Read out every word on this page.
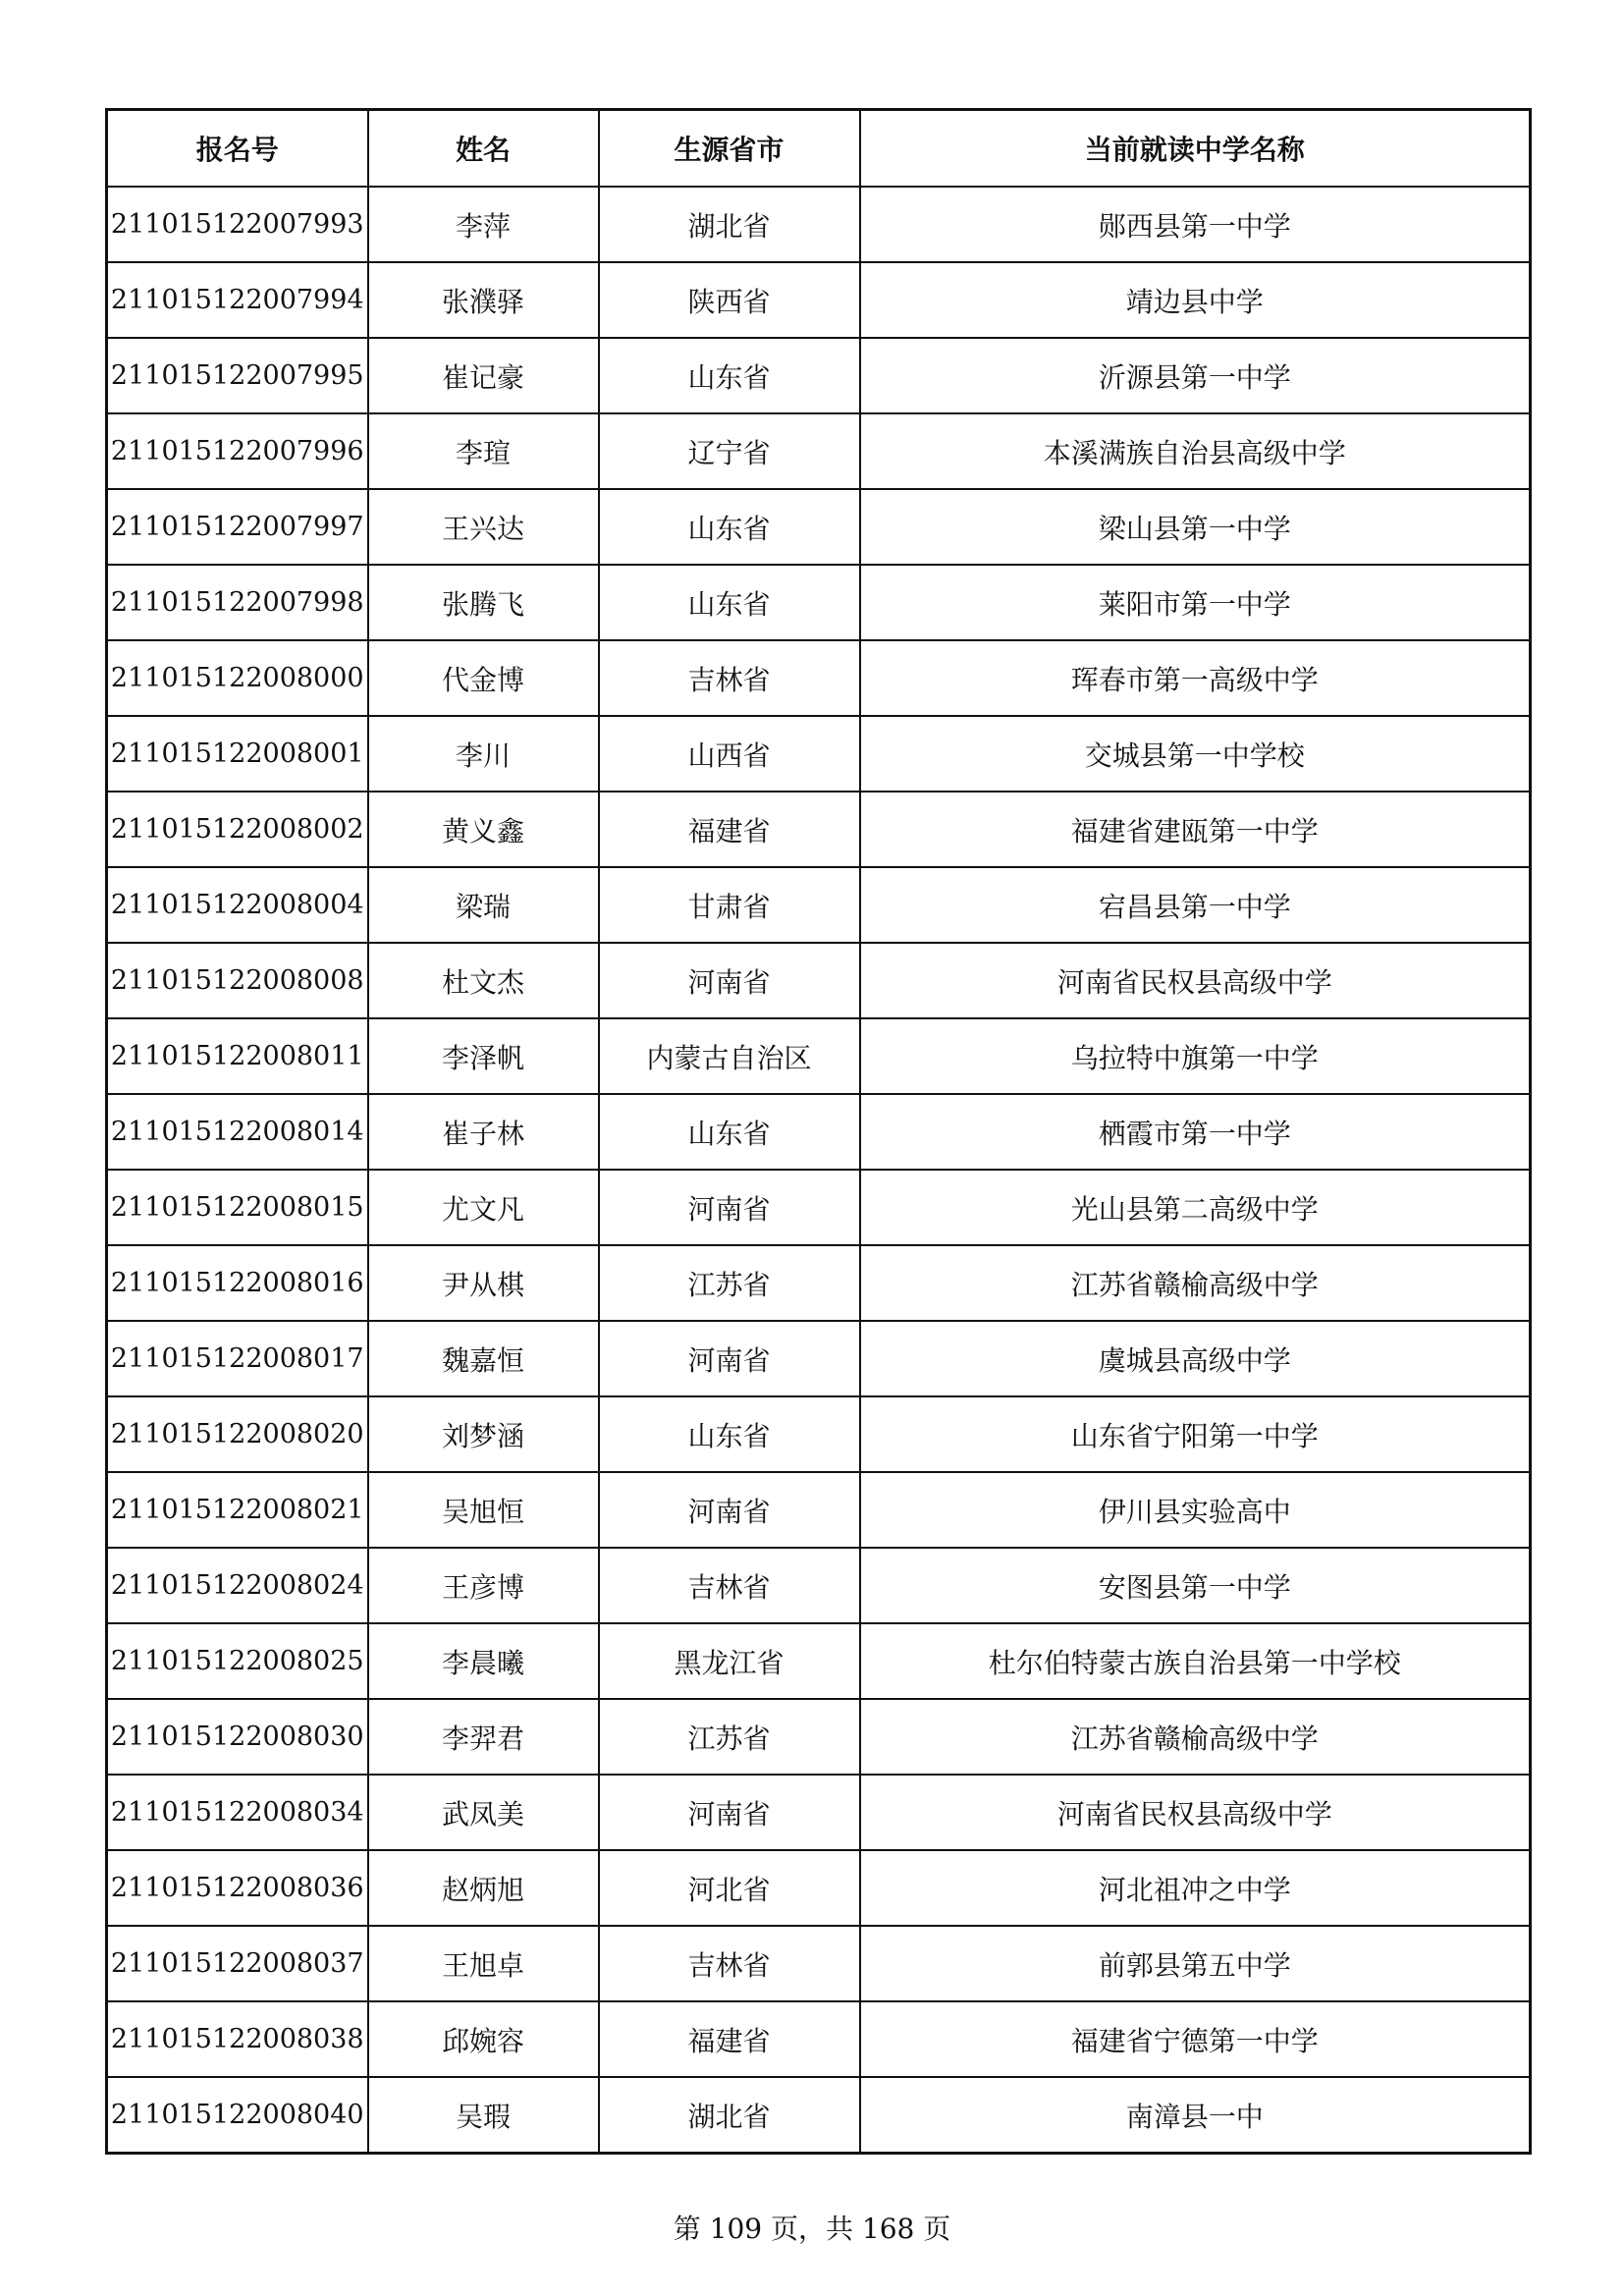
报名号	姓名	生源省市	当前就读中学名称
211015122007993	李萍	湖北省	郧西县第一中学
211015122007994	张濮驿	陕西省	靖边县中学
211015122007995	崔记豪	山东省	沂源县第一中学
211015122007996	李瑄	辽宁省	本溪满族自治县高级中学
211015122007997	王兴达	山东省	梁山县第一中学
211015122007998	张腾飞	山东省	莱阳市第一中学
211015122008000	代金博	吉林省	珲春市第一高级中学
211015122008001	李川	山西省	交城县第一中学校
211015122008002	黄义鑫	福建省	福建省建瓯第一中学
211015122008004	梁瑞	甘肃省	宕昌县第一中学
211015122008008	杜文杰	河南省	河南省民权县高级中学
211015122008011	李泽帆	内蒙古自治区	乌拉特中旗第一中学
211015122008014	崔子林	山东省	栖霞市第一中学
211015122008015	尤文凡	河南省	光山县第二高级中学
211015122008016	尹从棋	江苏省	江苏省赣榆高级中学
211015122008017	魏嘉恒	河南省	虞城县高级中学
211015122008020	刘梦涵	山东省	山东省宁阳第一中学
211015122008021	吴旭恒	河南省	伊川县实验高中
211015122008024	王彦博	吉林省	安图县第一中学
211015122008025	李晨曦	黑龙江省	杜尔伯特蒙古族自治县第一中学校
211015122008030	李羿君	江苏省	江苏省赣榆高级中学
211015122008034	武凤美	河南省	河南省民权县高级中学
211015122008036	赵炳旭	河北省	河北祖冲之中学
211015122008037	王旭卓	吉林省	前郭县第五中学
211015122008038	邱婉容	福建省	福建省宁德第一中学
211015122008040	吴瑕	湖北省	南漳县一中
第 109 页，共 168 页
